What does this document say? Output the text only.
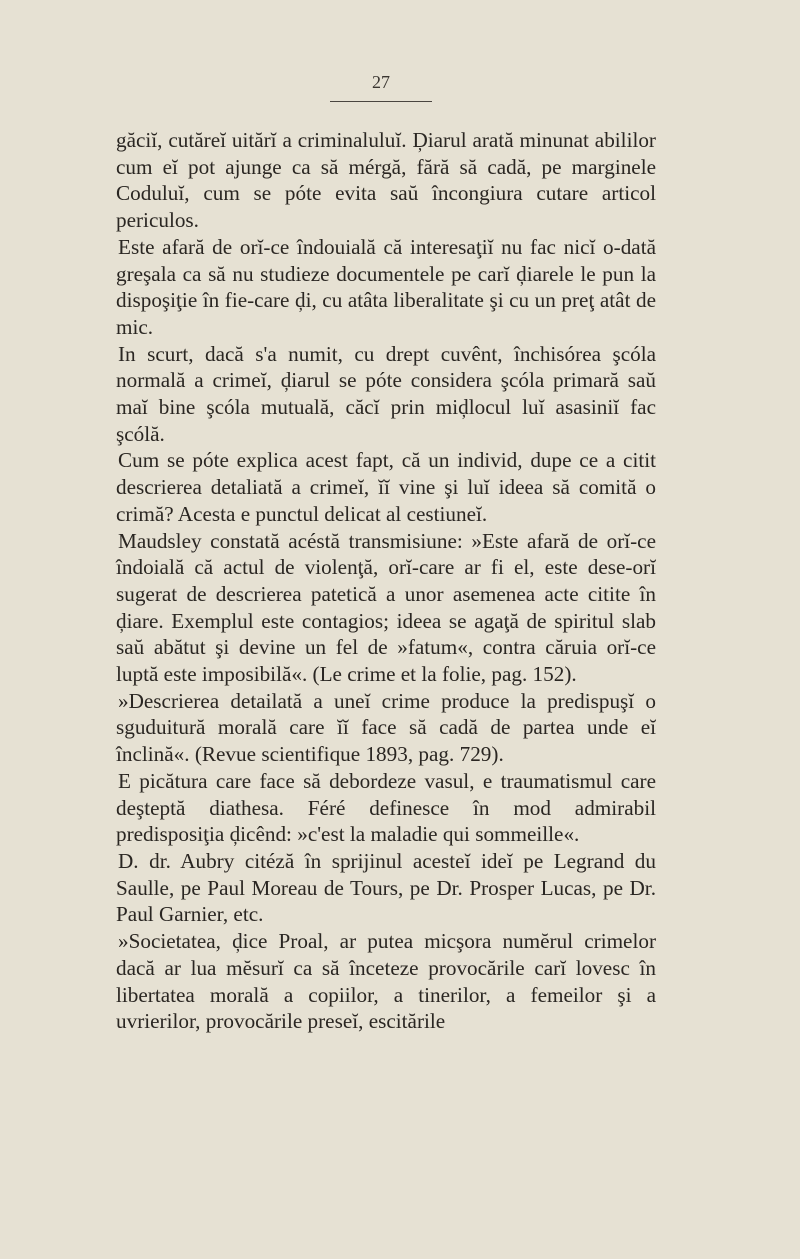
27

găciĭ, cutăreĭ uitărĭ a criminaluluĭ. Ḑiarul arată minunat abililor cum eĭ pot ajunge ca să mérgă, fără să cadă, pe marginele Coduluĭ, cum se póte evita saŭ încongiura cutare articol periculos.

Este afară de orĭ-ce îndouială că interesaţiĭ nu fac nicĭ o-dată greşala ca să nu studieze documentele pe carĭ ḑiarele le pun la dispoşiţie în fie-care ḑi, cu atâta liberalitate şi cu un preţ atât de mic.

In scurt, dacă s'a numit, cu drept cuvênt, închisórea şcóla normală a crimeĭ, ḑiarul se póte considera şcóla primară saŭ maĭ bine şcóla mutuală, căcĭ prin miḑlocul luĭ asasiniĭ fac şcólă.

Cum se póte explica acest fapt, că un individ, dupe ce a citit descrierea detaliată a crimeĭ, ĭĭ vine şi luĭ ideea să comită o crimă? Acesta e punctul delicat al cestiuneĭ.

Maudsley constată acéstă transmisiune: »Este afară de orĭ-ce îndoială că actul de violenţă, orĭ-care ar fi el, este dese-orĭ sugerat de descrierea patetică a unor asemenea acte citite în ḑiare. Exemplul este contagios; ideea se agaţă de spiritul slab saŭ abătut şi devine un fel de »fatum«, contra căruia orĭ-ce luptă este imposibilă«. (Le crime et la folie, pag. 152).

»Descrierea detailată a uneĭ crime produce la predispuşĭ o sguduitură morală care ĭĭ face să cadă de partea unde eĭ înclină«. (Revue scientifique 1893, pag. 729).

E picătura care face să debordeze vasul, e traumatismul care deşteptă diathesa. Féré definesce în mod admirabil predisposiţia ḑicênd: »c'est la maladie qui sommeille«.

D. dr. Aubry citéză în sprijinul acesteĭ ideĭ pe Legrand du Saulle, pe Paul Moreau de Tours, pe Dr. Prosper Lucas, pe Dr. Paul Garnier, etc.

»Societatea, ḑice Proal, ar putea micşora numĕrul crimelor dacă ar lua mĕsurĭ ca să înceteze provocările carĭ lovesc în libertatea morală a copiilor, a tinerilor, a femeilor şi a uvrierilor, provocările preseĭ, escitările
